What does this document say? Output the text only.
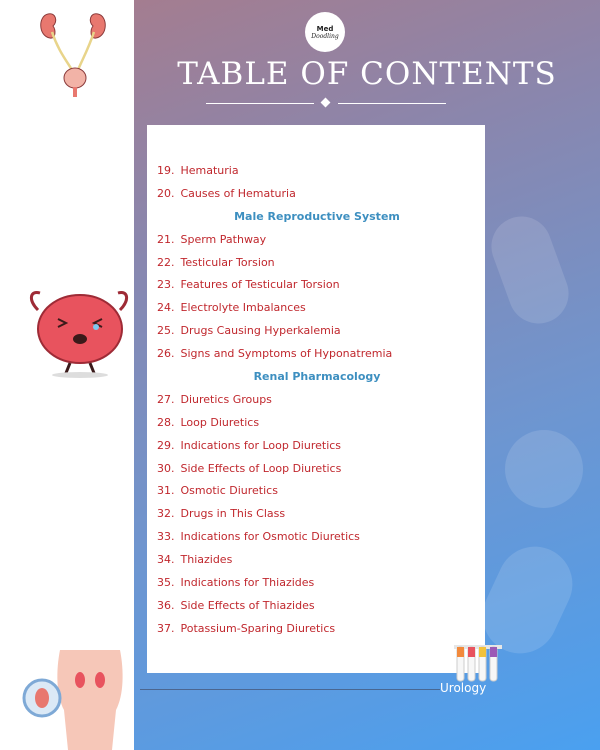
Med
Doodling
TABLE OF CONTENTS
19. Hematuria
20. Causes of Hematuria
Male Reproductive System
21. Sperm Pathway
22. Testicular Torsion
23. Features of Testicular Torsion
24. Electrolyte Imbalances
25. Drugs Causing Hyperkalemia
26. Signs and Symptoms of Hyponatremia
Renal Pharmacology
27. Diuretics Groups
28. Loop Diuretics
29. Indications for Loop Diuretics
30. Side Effects of Loop Diuretics
31. Osmotic Diuretics
32. Drugs in This Class
33. Indications for Osmotic Diuretics
34. Thiazides
35. Indications for Thiazides
36. Side Effects of Thiazides
37. Potassium-Sparing Diuretics
Urology
